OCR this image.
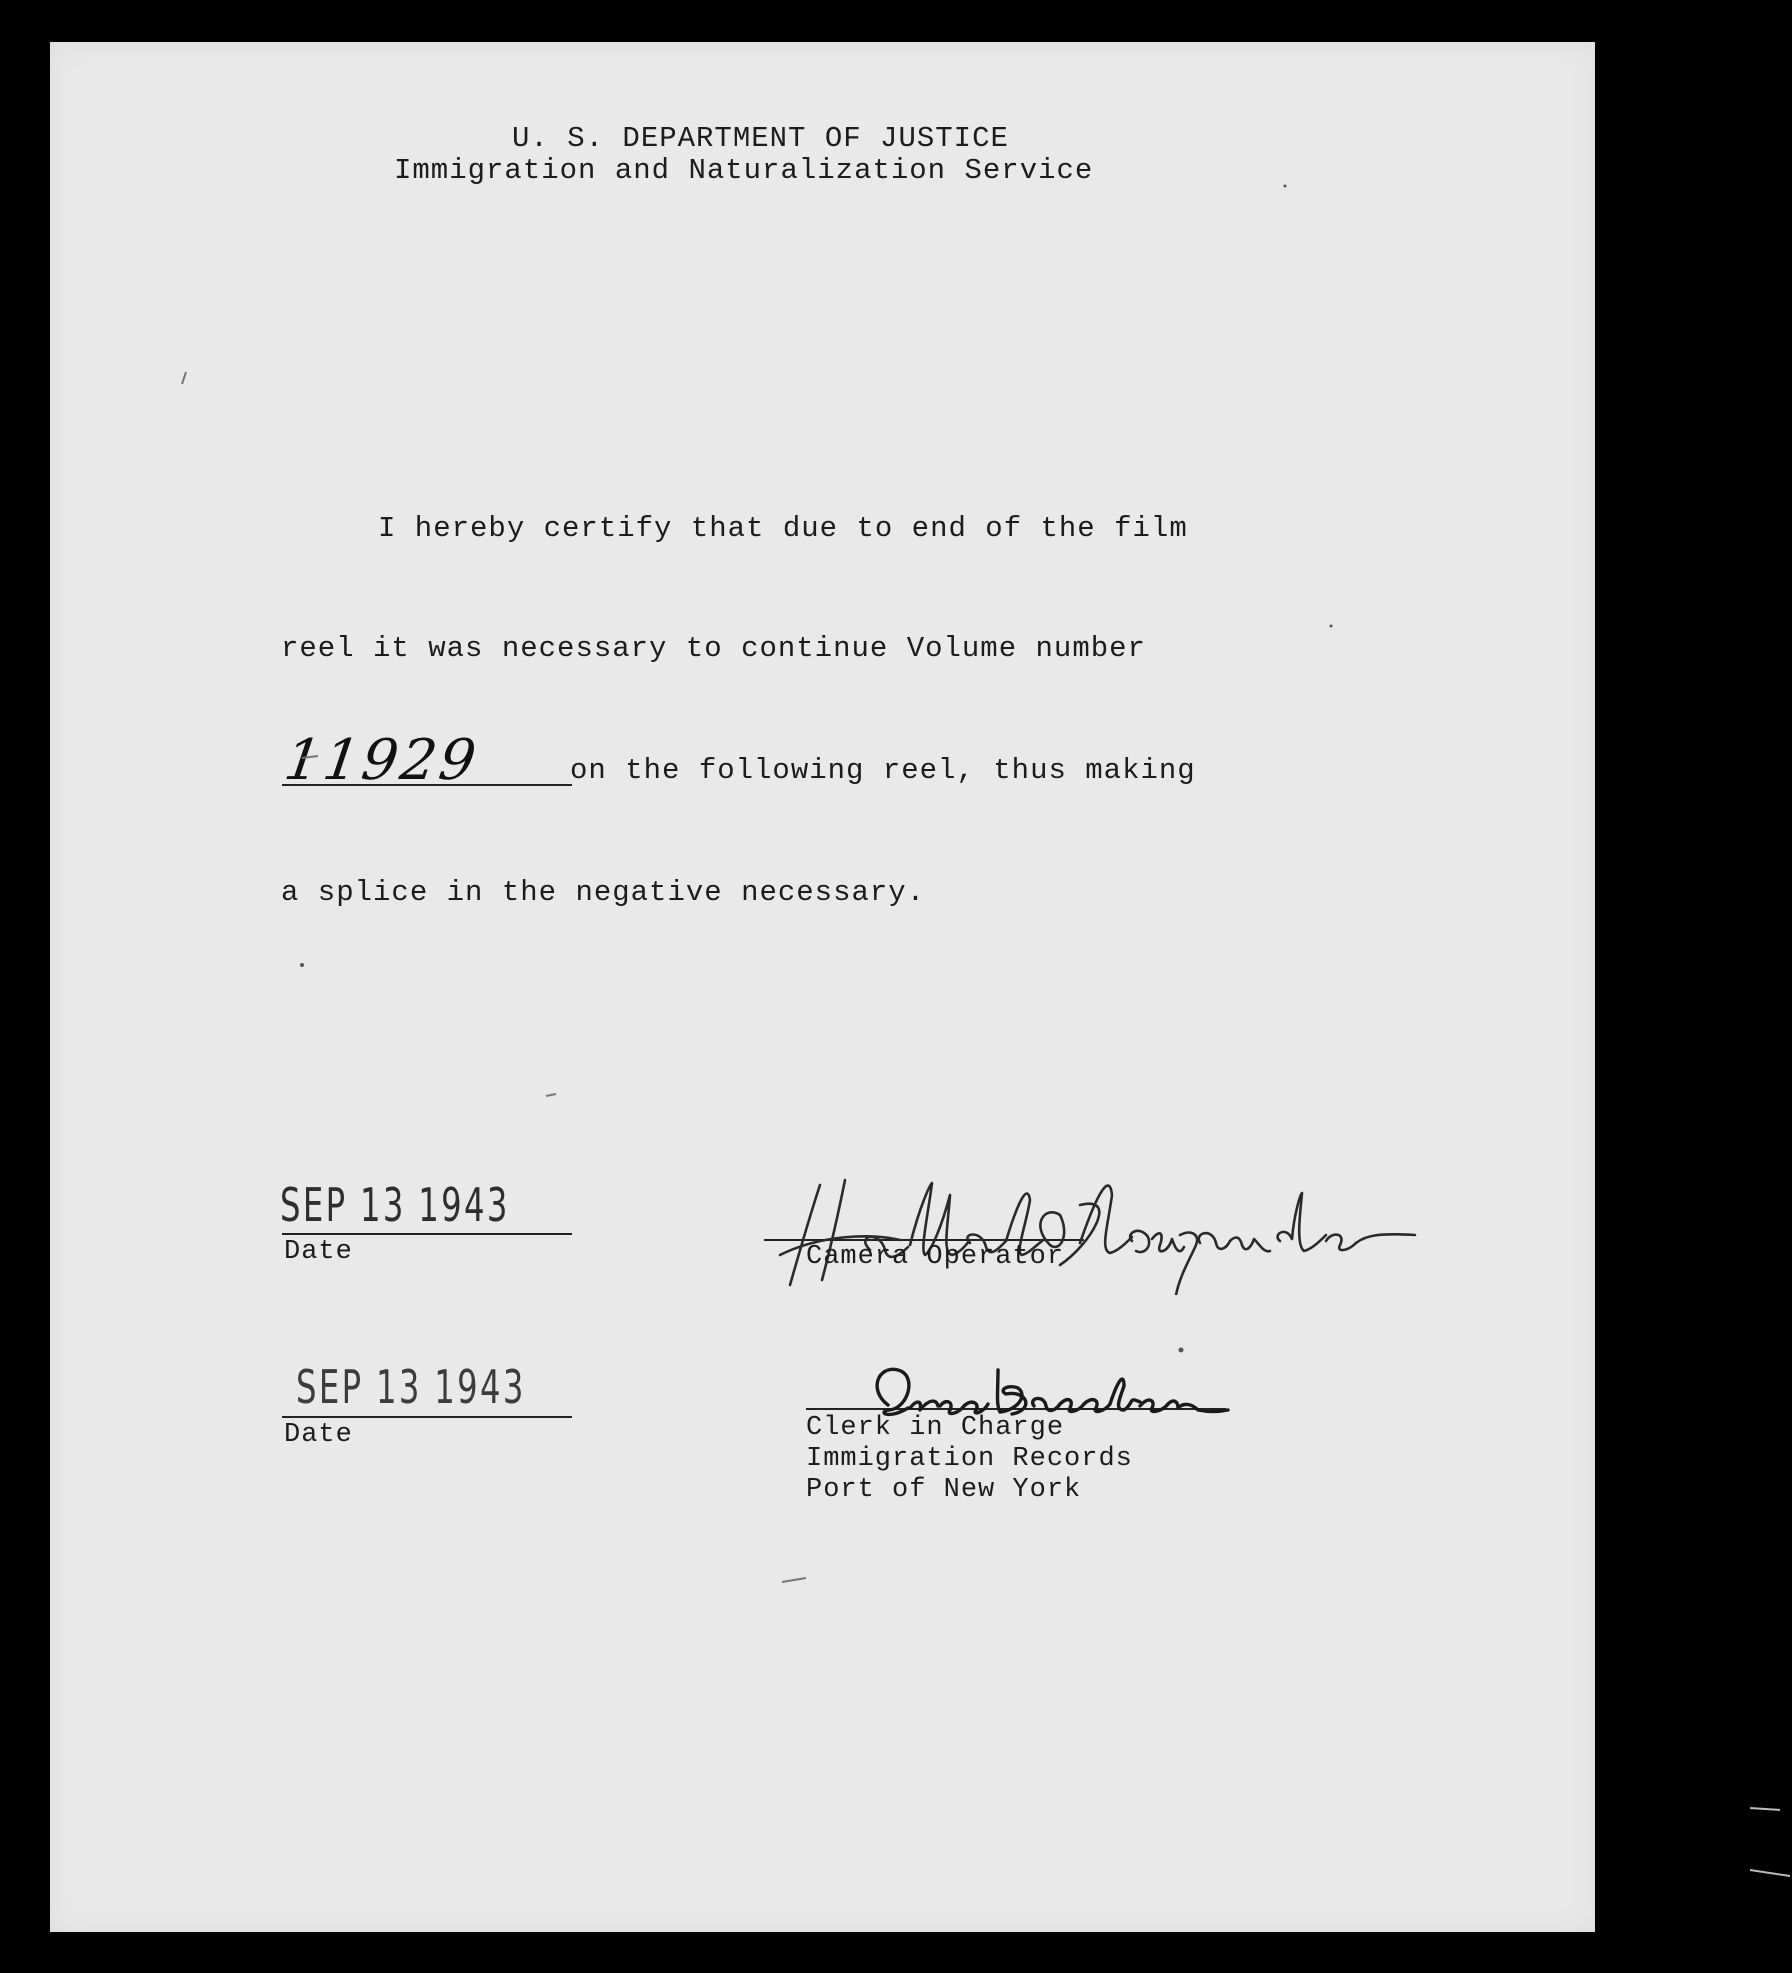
U. S. DEPARTMENT OF JUSTICE
Immigration and Naturalization Service
I hereby certify that due to end of the film
reel it was necessary to continue Volume number
11929	on the following reel, thus making
a splice in the negative necessary.
SEP 13 1943
Date
SEP 13 1943
Date
Camera Operator
Clerk in Charge
Immigration Records
Port of New York
